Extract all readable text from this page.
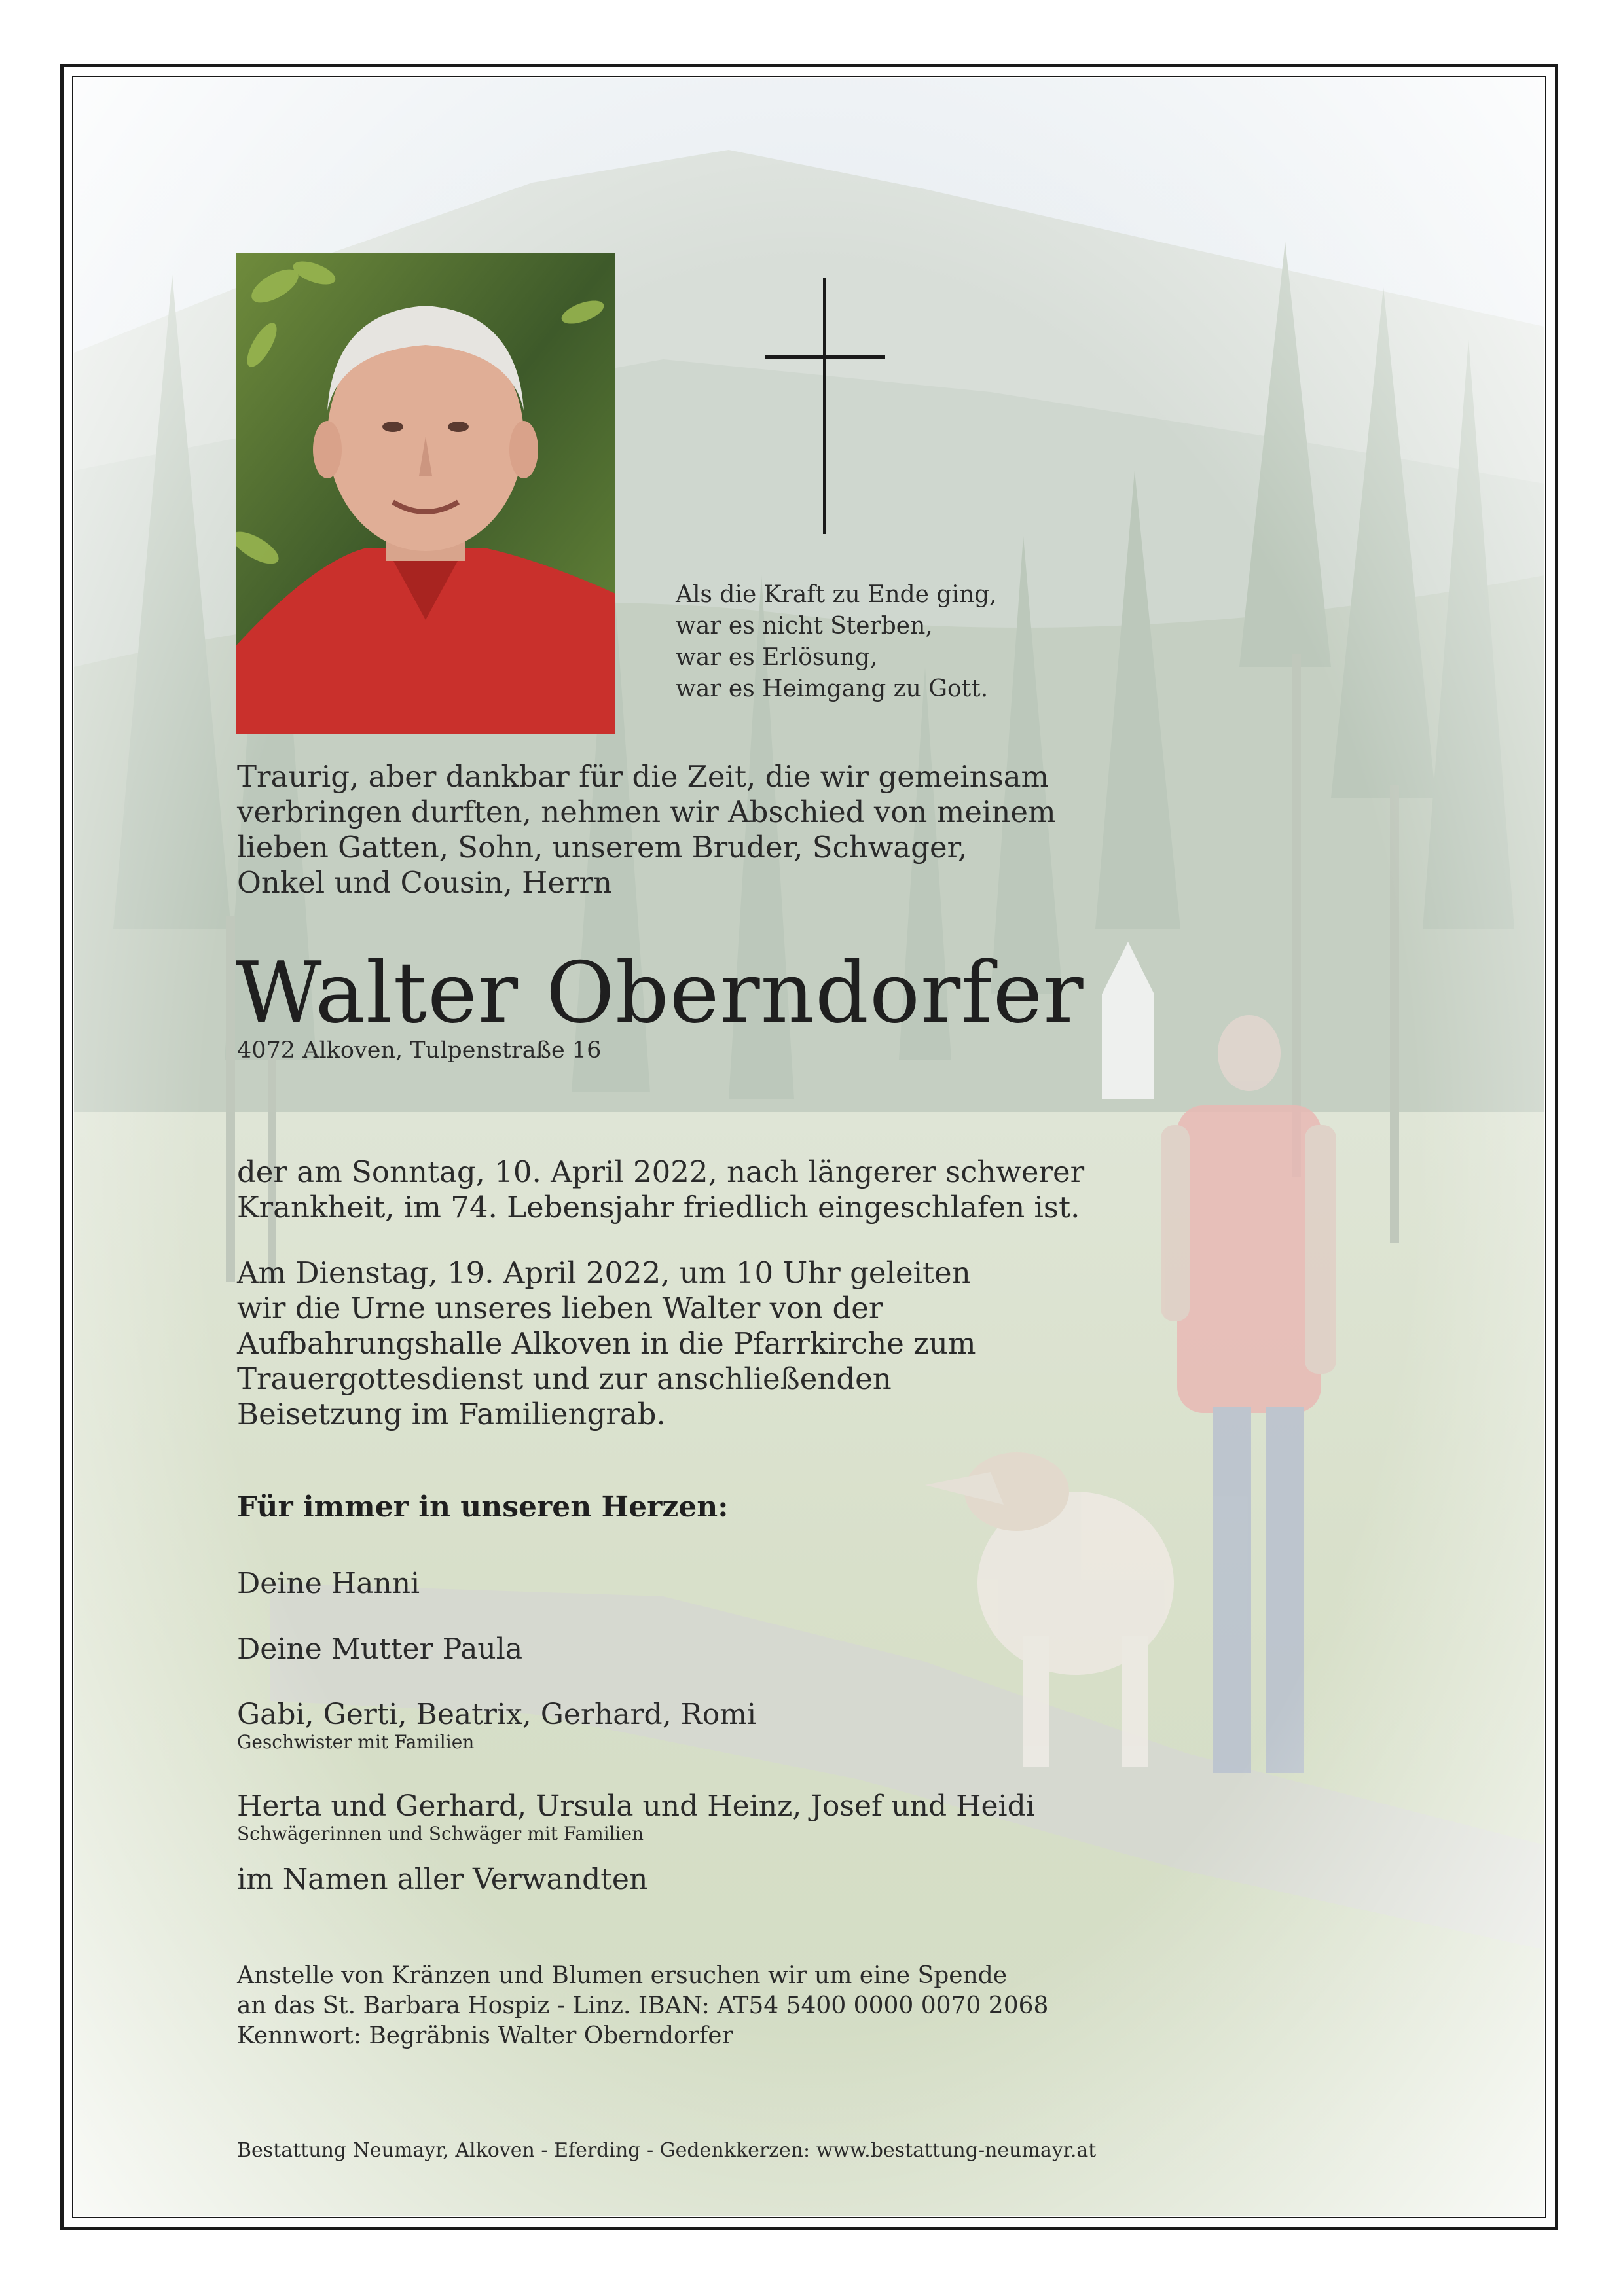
Als die Kraft zu Ende ging,
war es nicht Sterben,
war es Erlösung,
war es Heimgang zu Gott.
Traurig, aber dankbar für die Zeit, die wir gemeinsam
verbringen durften, nehmen wir Abschied von meinem
lieben Gatten, Sohn, unserem Bruder, Schwager,
Onkel und Cousin, Herrn
Walter Oberndorfer
4072 Alkoven, Tulpenstraße 16
der am Sonntag, 10. April 2022, nach längerer schwerer
Krankheit, im 74. Lebensjahr friedlich eingeschlafen ist.
Am Dienstag, 19. April 2022, um 10 Uhr geleiten
wir die Urne unseres lieben Walter von der
Aufbahrungshalle Alkoven in die Pfarrkirche zum
Trauergottesdienst und zur anschließenden
Beisetzung im Familiengrab.
Für immer in unseren Herzen:
Deine Hanni
Deine Mutter Paula
Gabi, Gerti, Beatrix, Gerhard, Romi
Geschwister mit Familien
Herta und Gerhard, Ursula und Heinz, Josef und Heidi
Schwägerinnen und Schwäger mit Familien
im Namen aller Verwandten
Anstelle von Kränzen und Blumen ersuchen wir um eine Spende
an das St. Barbara Hospiz - Linz. IBAN: AT54 5400 0000 0070 2068
Kennwort: Begräbnis Walter Oberndorfer
Bestattung Neumayr, Alkoven - Eferding - Gedenkkerzen: www.bestattung-neumayr.at
